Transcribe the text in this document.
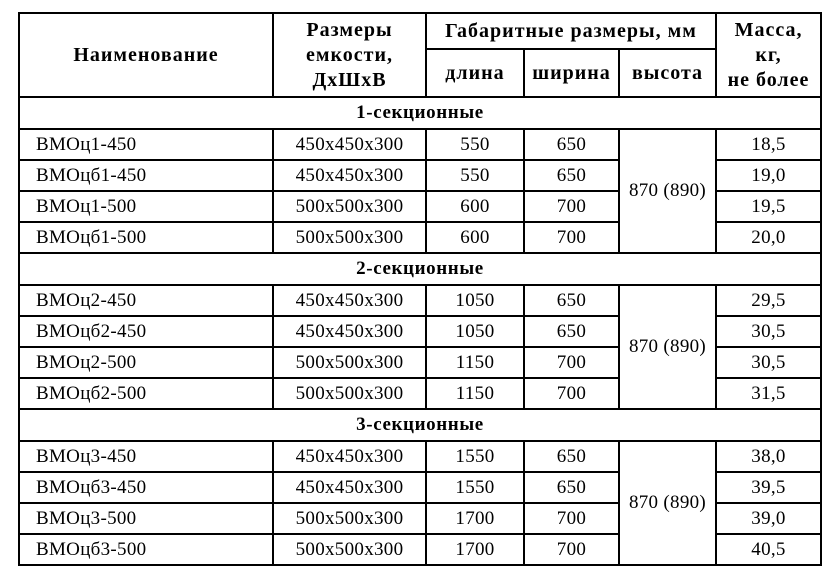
Наименование	Размеры
емкости,
ДхШхВ	Габаритные размеры, мм			Масса,
кг,
не более

		длина	ширина	высота	
1-секционные					
ВМОц1-450	450x450x300	550	650	870 (890)	18,5
ВМОцб1-450	450x450x300	550	650		19,0
ВМОц1-500	500x500x300	600	700		19,5
ВМОцб1-500	500x500x300	600	700		20,0
2-секционные					
ВМОц2-450	450x450x300	1050	650	870 (890)	29,5
ВМОцб2-450	450x450x300	1050	650		30,5
ВМОц2-500	500x500x300	1150	700		30,5
ВМОцб2-500	500x500x300	1150	700		31,5
3-секционные					
ВМОц3-450	450x450x300	1550	650	870 (890)	38,0
ВМОцб3-450	450x450x300	1550	650		39,5
ВМОц3-500	500x500x300	1700	700		39,0
ВМОцб3-500	500x500x300	1700	700		40,5
